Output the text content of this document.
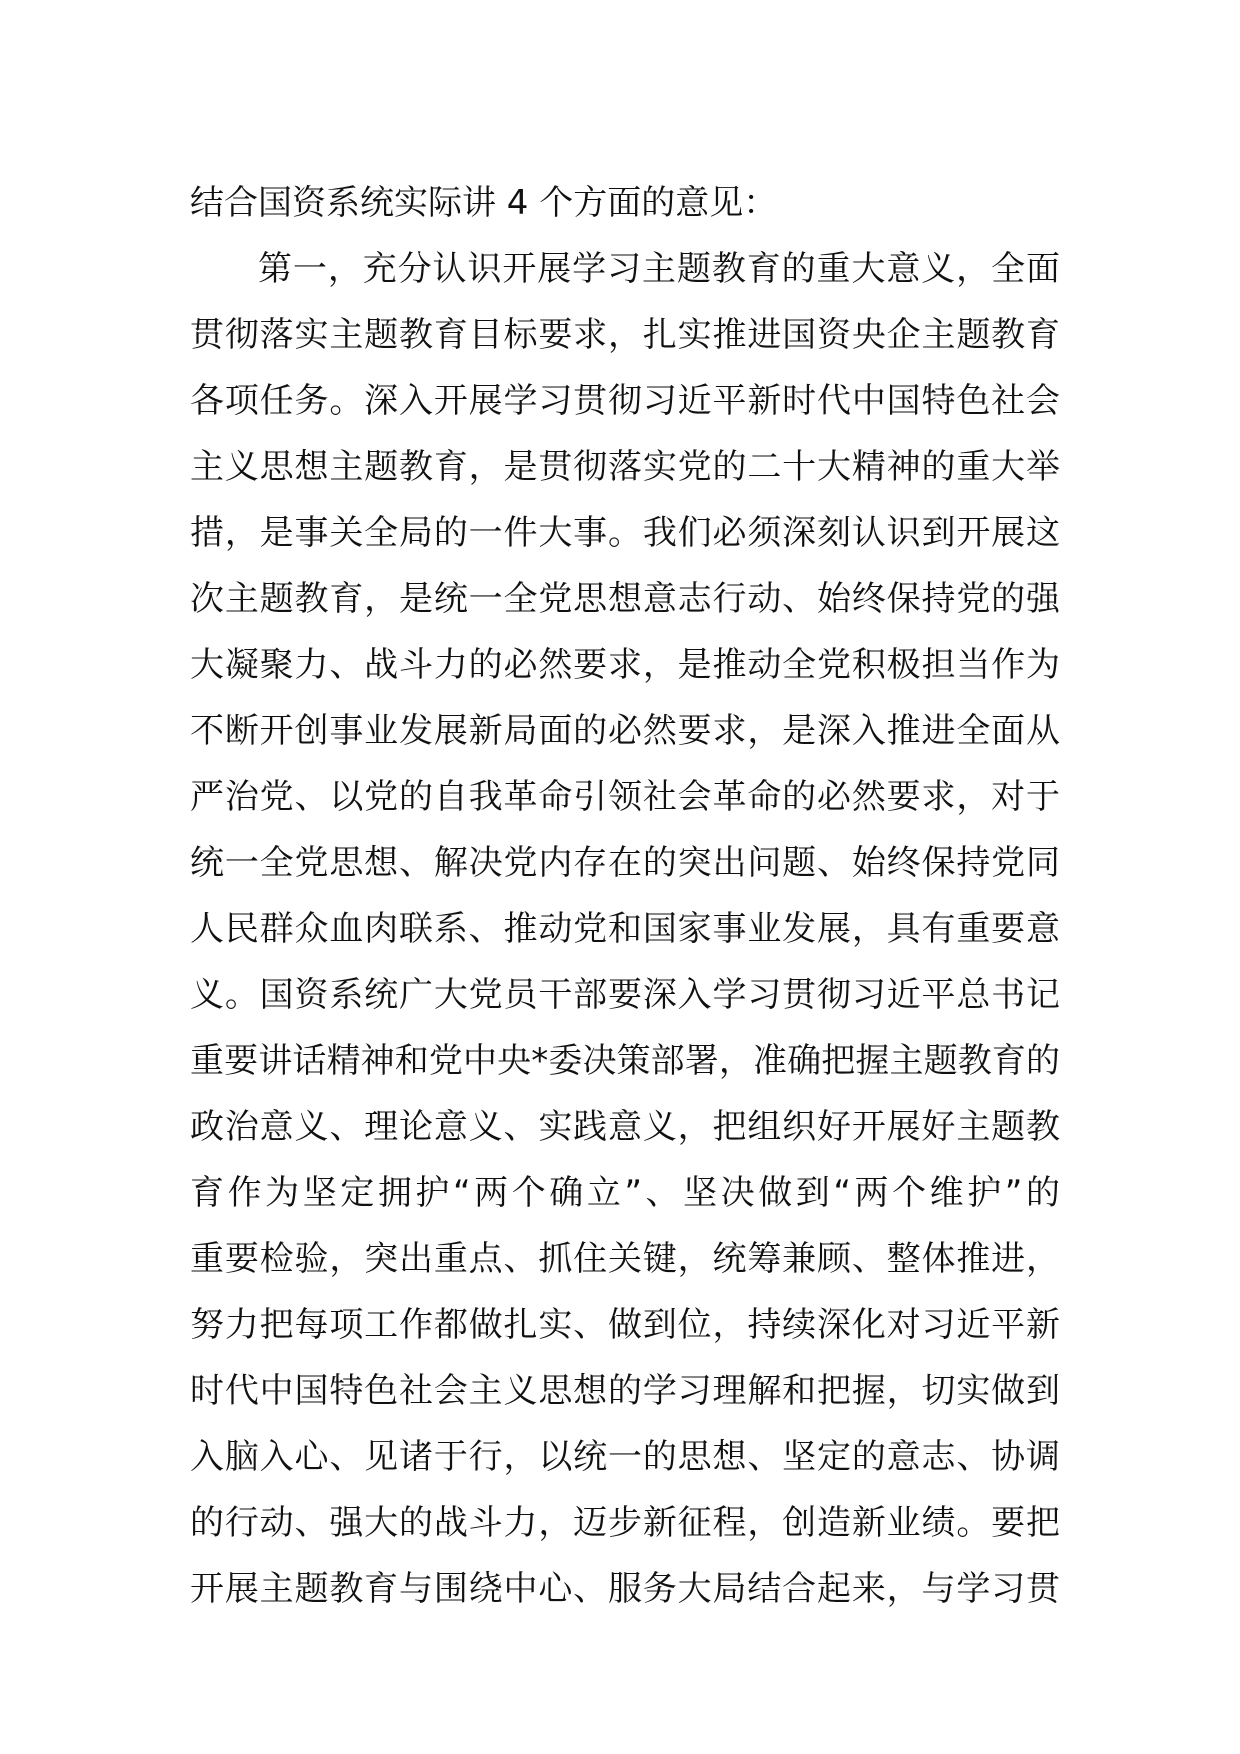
结合国资系统实际讲 4 个方面的意见：
第一，充分认识开展学习主题教育的重大意义，全面
贯彻落实主题教育目标要求，扎实推进国资央企主题教育
各项任务。深入开展学习贯彻习近平新时代中国特色社会
主义思想主题教育，是贯彻落实党的二十大精神的重大举
措，是事关全局的一件大事。我们必须深刻认识到开展这
次主题教育，是统一全党思想意志行动、始终保持党的强
大凝聚力、战斗力的必然要求，是推动全党积极担当作为
不断开创事业发展新局面的必然要求，是深入推进全面从
严治党、以党的自我革命引领社会革命的必然要求，对于
统一全党思想、解决党内存在的突出问题、始终保持党同
人民群众血肉联系、推动党和国家事业发展，具有重要意
义。国资系统广大党员干部要深入学习贯彻习近平总书记
重要讲话精神和党中央*委决策部署，准确把握主题教育的
政治意义、理论意义、实践意义，把组织好开展好主题教
育作为坚定拥护“两个确立”、坚决做到“两个维护”的
重要检验，突出重点、抓住关键，统筹兼顾、整体推进，
努力把每项工作都做扎实、做到位，持续深化对习近平新
时代中国特色社会主义思想的学习理解和把握，切实做到
入脑入心、见诸于行，以统一的思想、坚定的意志、协调
的行动、强大的战斗力，迈步新征程，创造新业绩。要把
开展主题教育与围绕中心、服务大局结合起来，与学习贯
